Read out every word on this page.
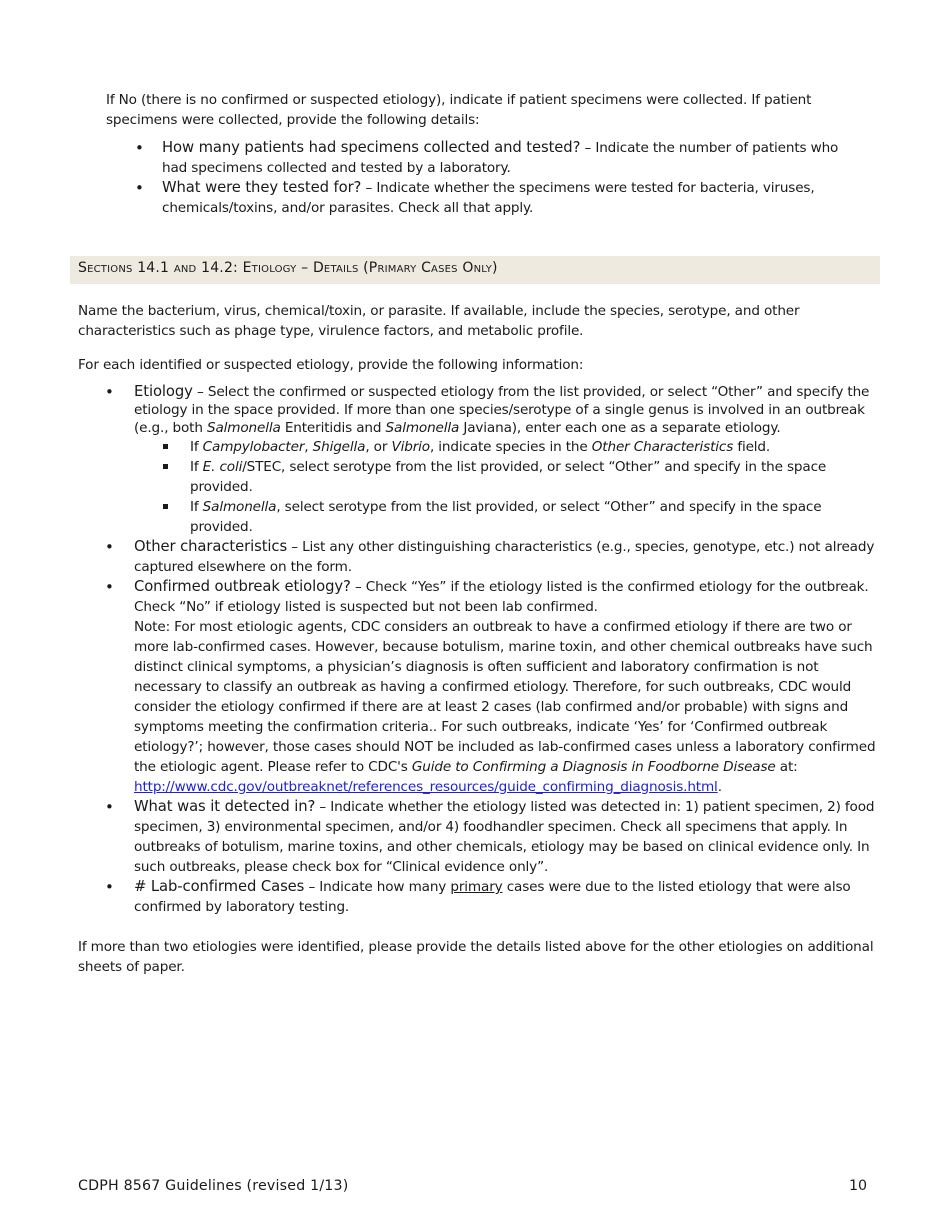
If No (there is no confirmed or suspected etiology), indicate if patient specimens were collected. If patient specimens were collected, provide the following details:

• How many patients had specimens collected and tested? – Indicate the number of patients who had specimens collected and tested by a laboratory.
• What were they tested for? – Indicate whether the specimens were tested for bacteria, viruses, chemicals/toxins, and/or parasites. Check all that apply.
Sections 14.1 and 14.2: Etiology – Details (Primary Cases Only)

Name the bacterium, virus, chemical/toxin, or parasite. If available, include the species, serotype, and other characteristics such as phage type, virulence factors, and metabolic profile.

For each identified or suspected etiology, provide the following information:

• Etiology – Select the confirmed or suspected etiology from the list provided, or select “Other” and specify the etiology in the space provided. If more than one species/serotype of a single genus is involved in an outbreak (e.g., both Salmonella Enteritidis and Salmonella Javiana), enter each one as a separate etiology.
If Campylobacter, Shigella, or Vibrio, indicate species in the Other Characteristics field.
If E. coli/STEC, select serotype from the list provided, or select “Other” and specify in the space provided.
If Salmonella, select serotype from the list provided, or select “Other” and specify in the space provided.
• Other characteristics – List any other distinguishing characteristics (e.g., species, genotype, etc.) not already captured elsewhere on the form.
• Confirmed outbreak etiology? – Check “Yes” if the etiology listed is the confirmed etiology for the outbreak. Check “No” if etiology listed is suspected but not been lab confirmed.
Note: For most etiologic agents, CDC considers an outbreak to have a confirmed etiology if there are two or more lab-confirmed cases. However, because botulism, marine toxin, and other chemical outbreaks have such distinct clinical symptoms, a physician’s diagnosis is often sufficient and laboratory confirmation is not necessary to classify an outbreak as having a confirmed etiology. Therefore, for such outbreaks, CDC would consider the etiology confirmed if there are at least 2 cases (lab confirmed and/or probable) with signs and symptoms meeting the confirmation criteria.. For such outbreaks, indicate ‘Yes’ for ‘Confirmed outbreak etiology?’; however, those cases should NOT be included as lab-confirmed cases unless a laboratory confirmed the etiologic agent. Please refer to CDC's Guide to Confirming a Diagnosis in Foodborne Disease at:
http://www.cdc.gov/outbreaknet/references_resources/guide_confirming_diagnosis.html.
• What was it detected in? – Indicate whether the etiology listed was detected in: 1) patient specimen, 2) food specimen, 3) environmental specimen, and/or 4) foodhandler specimen. Check all specimens that apply. In outbreaks of botulism, marine toxins, and other chemicals, etiology may be based on clinical evidence only. In such outbreaks, please check box for “Clinical evidence only”.
• # Lab-confirmed Cases – Indicate how many primary cases were due to the listed etiology that were also confirmed by laboratory testing.

If more than two etiologies were identified, please provide the details listed above for the other etiologies on additional sheets of paper.

CDPH 8567 Guidelines (revised 1/13)	10
